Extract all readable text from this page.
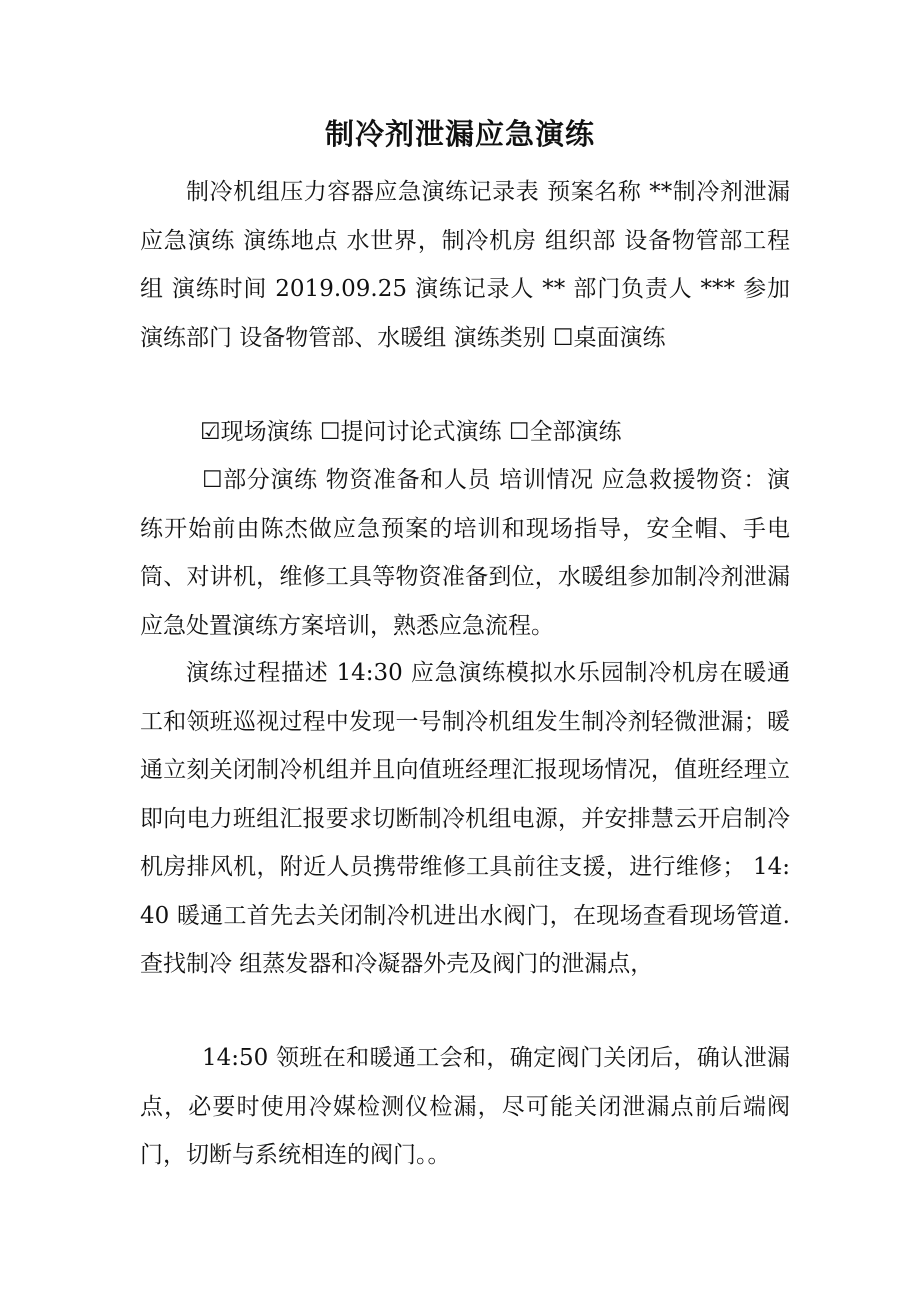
制冷剂泄漏应急演练
制冷机组压力容器应急演练记录表 预案名称 **制冷剂泄漏应急演练 演练地点 水世界，制冷机房 组织部 设备物管部工程组 演练时间 2019.09.25 演练记录人 ** 部门负责人 *** 参加演练部门 设备物管部、水暖组 演练类别 ☐桌面演练
☑现场演练 ☐提问讨论式演练 ☐全部演练
☐部分演练 物资准备和人员 培训情况 应急救援物资：演练开始前由陈杰做应急预案的培训和现场指导，安全帽、手电筒、对讲机，维修工具等物资准备到位，水暖组参加制冷剂泄漏应急处置演练方案培训，熟悉应急流程。
演练过程描述 14:30 应急演练模拟水乐园制冷机房在暖通工和领班巡视过程中发现一号制冷机组发生制冷剂轻微泄漏；暖通立刻关闭制冷机组并且向值班经理汇报现场情况，值班经理立即向电力班组汇报要求切断制冷机组电源，并安排慧云开启制冷机房排风机，附近人员携带维修工具前往支援，进行维修； 14:40 暖通工首先去关闭制冷机进出水阀门，在现场查看现场管道.查找制冷 组蒸发器和冷凝器外壳及阀门的泄漏点，
14:50 领班在和暖通工会和，确定阀门关闭后，确认泄漏点，必要时使用冷媒检测仪检漏，尽可能关闭泄漏点前后端阀门，切断与系统相连的阀门。。
